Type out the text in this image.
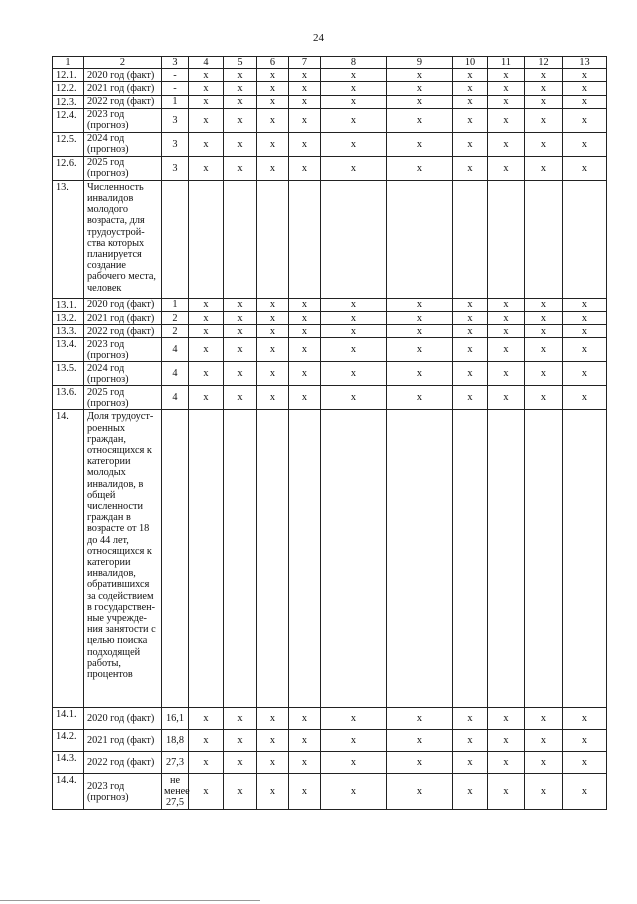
24
1	2	3	4	5	6	7	8	9	10	11	12	13
12.1.	2020 год (факт)	-	x	x	x	x	x	x	x	x	x	x
12.2.	2021 год (факт)	-	x	x	x	x	x	x	x	x	x	x
12.3.	2022 год (факт)	1	x	x	x	x	x	x	x	x	x	x
12.4.	2023 год (прогноз)	3	x	x	x	x	x	x	x	x	x	x
12.5.	2024 год (прогноз)	3	x	x	x	x	x	x	x	x	x	x
12.6.	2025 год (прогноз)	3	x	x	x	x	x	x	x	x	x	x
13.	Численность инвалидов молодого возраста, для трудоустрой-ства которых планируется создание рабочего места, человек											
13.1.	2020 год (факт)	1	x	x	x	x	x	x	x	x	x	x
13.2.	2021 год (факт)	2	x	x	x	x	x	x	x	x	x	x
13.3.	2022 год (факт)	2	x	x	x	x	x	x	x	x	x	x
13.4.	2023 год (прогноз)	4	x	x	x	x	x	x	x	x	x	x
13.5.	2024 год (прогноз)	4	x	x	x	x	x	x	x	x	x	x
13.6.	2025 год (прогноз)	4	x	x	x	x	x	x	x	x	x	x
14.	Доля трудоуст-роенных граждан, относящихся к категории молодых инвалидов, в общей численности граждан в возрасте от 18 до 44 лет, относящихся к категории инвалидов, обратившихся за содействием в государствен-ные учрежде-ния занятости с целью поиска подходящей работы, процентов											
14.1.	2020 год (факт)	16,1	x	x	x	x	x	x	x	x	x	x
14.2.	2021 год (факт)	18,8	x	x	x	x	x	x	x	x	x	x
14.3.	2022 год (факт)	27,3	x	x	x	x	x	x	x	x	x	x
14.4.	2023 год (прогноз)	не менее 27,5	x	x	x	x	x	x	x	x	x	x
